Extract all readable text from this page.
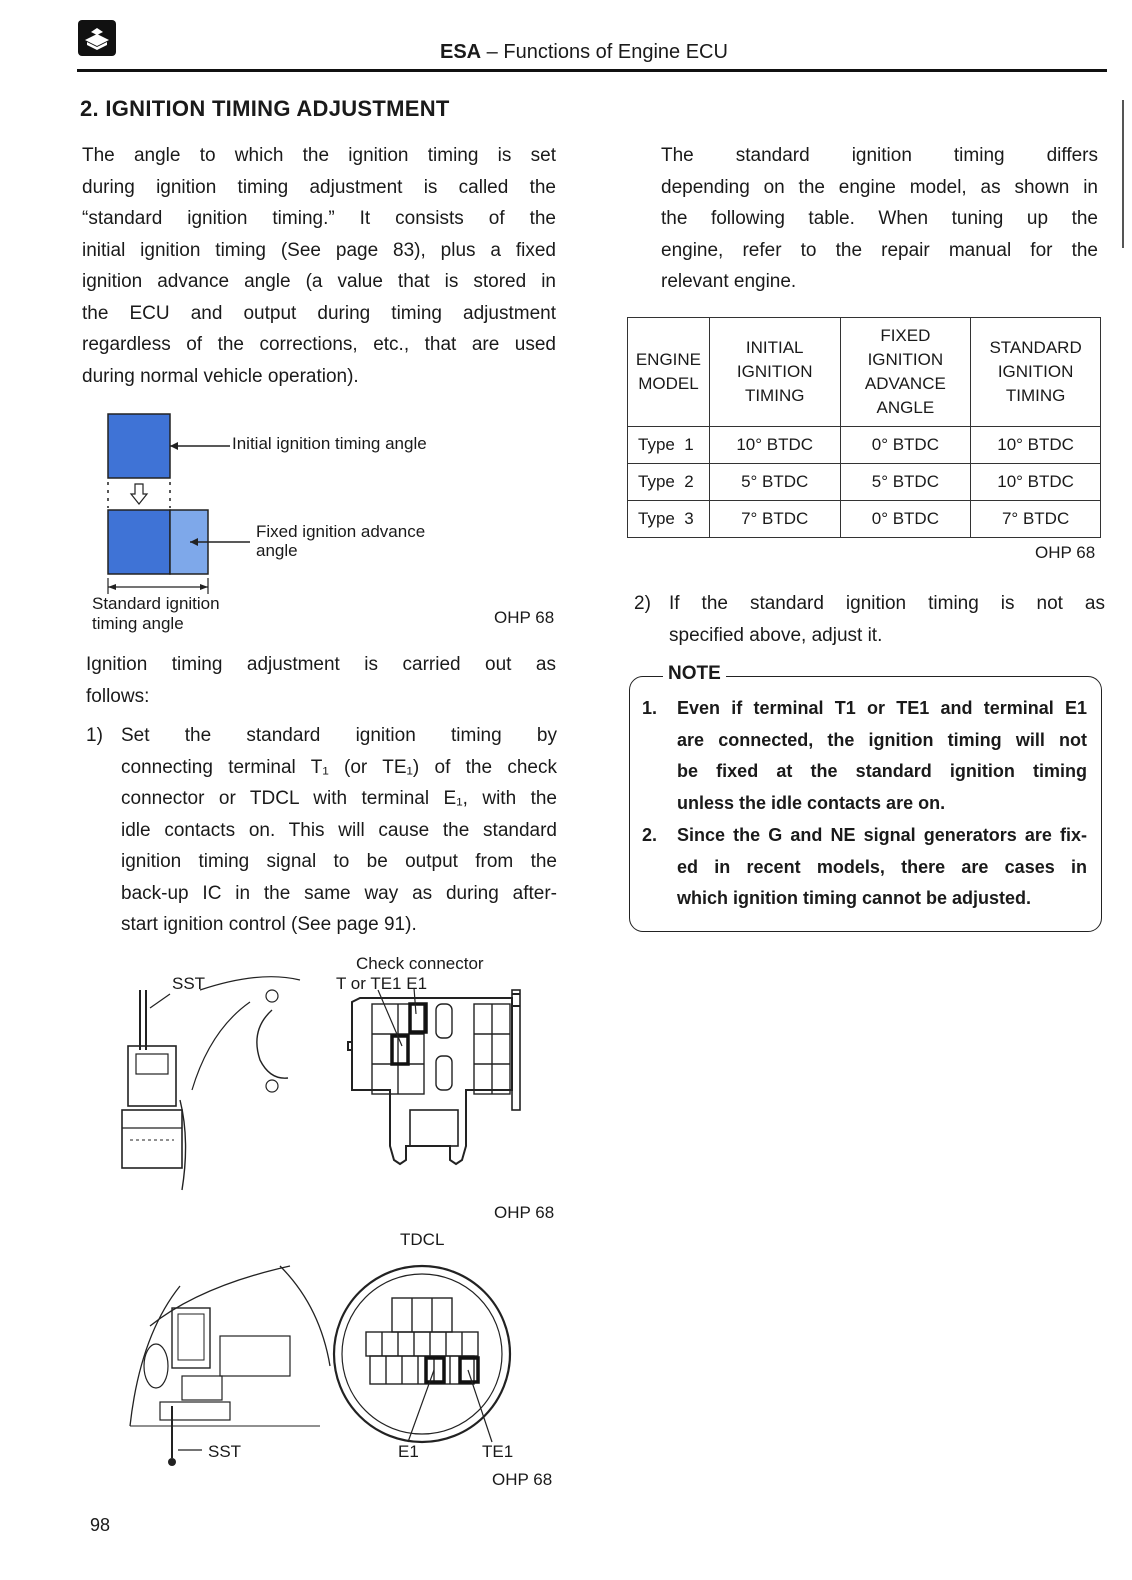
ESA – Functions of Engine ECU
2. IGNITION TIMING ADJUSTMENT
The angle to which the ignition timing is set
during ignition timing adjustment is called the
“standard ignition timing.” It consists of the
initial ignition timing (See page 83), plus a fixed
ignition advance angle (a value that is stored in
the ECU and output during timing adjustment
regardless of the corrections, etc., that are used
during normal vehicle operation).
Initial ignition timing angle
Fixed ignition advance
angle
Standard ignition
timing angle	OHP 68
Ignition timing adjustment is carried out as
follows:
1) Set the standard ignition timing by
connecting terminal T₁ (or TE₁) of the check
connector or TDCL with terminal E₁, with the
idle contacts on. This will cause the standard
ignition timing signal to be output from the
back-up IC in the same way as during after-
start ignition control (See page 91).
Check connector
T or TE1 E1
SST
OHP 68
TDCL
SST	E1	TE1
OHP 68
98
The standard ignition timing differs
depending on the engine model, as shown in
the following table. When tuning up the
engine, refer to the repair manual for the
relevant engine.
ENGINE
MODEL	INITIAL
IGNITION
TIMING	FIXED
IGNITION
ADVANCE
ANGLE	STANDARD
IGNITION
TIMING
Type  1	10° BTDC	0° BTDC	10° BTDC
Type  2	5° BTDC	5° BTDC	10° BTDC
Type  3	7° BTDC	0° BTDC	7° BTDC
OHP 68
2) If the standard ignition timing is not as
specified above, adjust it.
NOTE
1. Even if terminal T1 or TE1 and terminal E1
are connected, the ignition timing will not
be fixed at the standard ignition timing
unless the idle contacts are on.
2. Since the G and NE signal generators are fix-
ed in recent models, there are cases in
which ignition timing cannot be adjusted.
